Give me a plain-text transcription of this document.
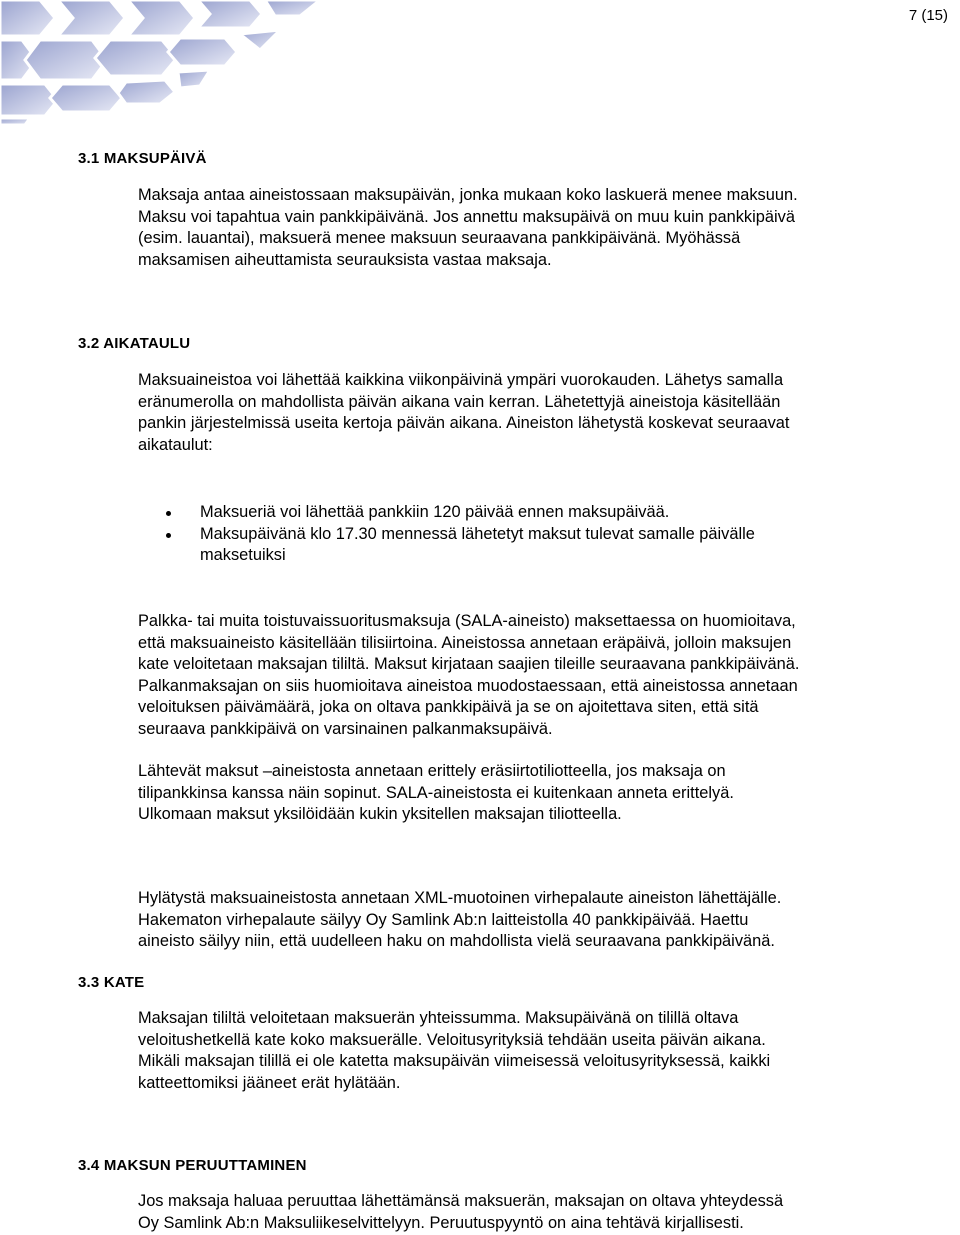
7 (15)
3.1 MAKSUPÄIVÄ

Maksaja antaa aineistossaan maksupäivän, jonka mukaan koko laskuerä menee maksuun.

Maksu voi tapahtua vain pankkipäivänä. Jos annettu maksupäivä on muu kuin pankkipäivä

(esim. lauantai), maksuerä menee maksuun seuraavana pankkipäivänä. Myöhässä

maksamisen aiheuttamista seurauksista vastaa maksaja.

3.2 AIKATAULU

Maksuaineistoa voi lähettää kaikkina viikonpäivinä ympäri vuorokauden. Lähetys samalla

eränumerolla on mahdollista päivän aikana vain kerran. Lähetettyjä aineistoja käsitellään

pankin järjestelmissä useita kertoja päivän aikana. Aineiston lähetystä koskevat seuraavat

aikataulut:

Maksueriä voi lähettää pankkiin 120 päivää ennen maksupäivää.
Maksupäivänä klo 17.30 mennessä lähetetyt maksut tulevat samalle päivälle
maksetuiksi

Palkka- tai muita toistuvaissuoritusmaksuja (SALA-aineisto) maksettaessa on huomioitava,

että maksuaineisto käsitellään tilisiirtoina. Aineistossa annetaan eräpäivä, jolloin maksujen

kate veloitetaan maksajan tililtä. Maksut kirjataan saajien tileille seuraavana pankkipäivänä.

Palkanmaksajan on siis huomioitava aineistoa muodostaessaan, että aineistossa annetaan

veloituksen päivämäärä, joka on oltava pankkipäivä ja se on ajoitettava siten, että sitä

seuraava pankkipäivä on varsinainen palkanmaksupäivä.

Lähtevät maksut –aineistosta annetaan erittely eräsiirtotiliotteella, jos maksaja on

tilipankkinsa kanssa näin sopinut. SALA-aineistosta ei kuitenkaan anneta erittelyä.

Ulkomaan maksut yksilöidään kukin yksitellen maksajan tiliotteella.

Hylätystä maksuaineistosta annetaan XML-muotoinen virhepalaute aineiston lähettäjälle.

Hakematon virhepalaute säilyy Oy Samlink Ab:n laitteistolla 40 pankkipäivää. Haettu

aineisto säilyy niin, että uudelleen haku on mahdollista vielä seuraavana pankkipäivänä.

3.3 KATE

Maksajan tililtä veloitetaan maksuerän yhteissumma. Maksupäivänä on tilillä oltava

veloitushetkellä kate koko maksuerälle. Veloitusyrityksiä tehdään useita päivän aikana.

Mikäli maksajan tilillä ei ole katetta maksupäivän viimeisessä veloitusyrityksessä, kaikki

katteettomiksi jääneet erät hylätään.

3.4 MAKSUN PERUUTTAMINEN

Jos maksaja haluaa peruuttaa lähettämänsä maksuerän, maksajan on oltava yhteydessä

Oy Samlink Ab:n Maksuliikeselvittelyyn. Peruutuspyyntö on aina tehtävä kirjallisesti.
